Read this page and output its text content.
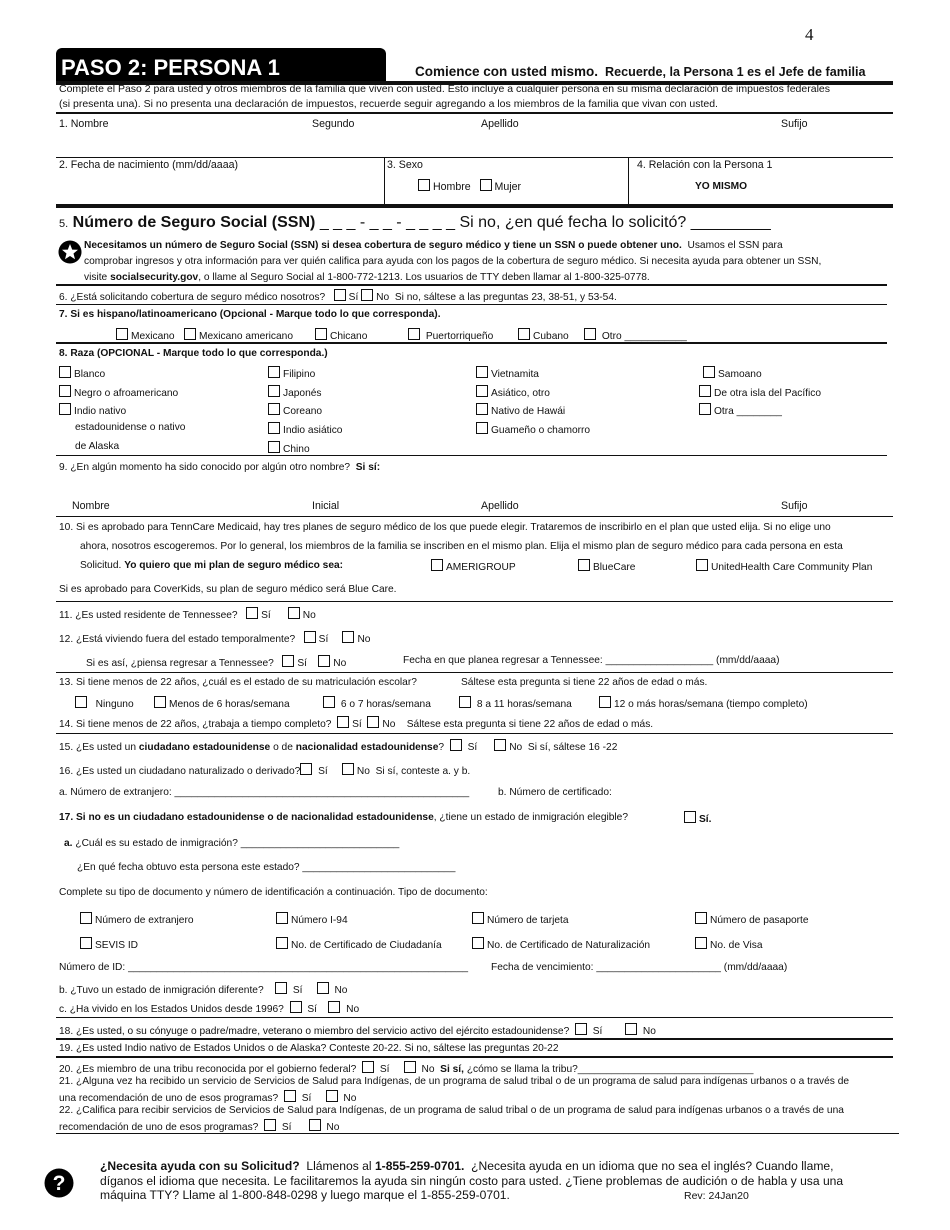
4
PASO 2: PERSONA 1	Comience con usted mismo. Recuerde, la Persona 1 es el Jefe de familia
Complete el Paso 2 para usted y otros miembros de la familia que viven con usted. Esto incluye a cualquier persona en su misma declaración de impuestos federales
(si presenta una). Si no presenta una declaración de impuestos, recuerde seguir agregando a los miembros de la familia que vivan con usted.
1. Nombre	Segundo	Apellido	Sufijo
2. Fecha de nacimiento (mm/dd/aaaa)	3. Sexo
Hombre Mujer
4. Relación con la Persona 1
YO MISMO
5. Número de Seguro Social (SSN) _ _ _ - _ _ - _ _ _ _ Si no, ¿en qué fecha lo solicitó? _________
Necesitamos un número de Seguro Social (SSN) si desea cobertura de seguro médico y tiene un SSN o puede obtener uno. Usamos el SSN para
comprobar ingresos y otra información para ver quién califica para ayuda con los pagos de la cobertura de seguro médico. Si necesita ayuda para obtener un SSN,
visite socialsecurity.gov, o llame al Seguro Social al 1-800-772-1213. Los usuarios de TTY deben llamar al 1-800-325-0778.
6. ¿Está solicitando cobertura de seguro médico nosotros? Sí No Si no, sáltese a las preguntas 23, 38-51, y 53-54.
7. Si es hispano/latinoamericano (Opcional - Marque todo lo que corresponda).
Mexicano	Mexicano americano	Chicano	Puertorriqueño	Cubano	Otro ___________
8. Raza (OPCIONAL - Marque todo lo que corresponda.)
Blanco
Negro o afroamericano
Indio nativo
estadounidense o nativo
de Alaska
Filipino
Japonés
Coreano
Indio asiático
Chino
Vietnamita
Asiático, otro
Nativo de Hawái
Guameño o chamorro
Samoano
De otra isla del Pacífico
Otra ________
9. ¿En algún momento ha sido conocido por algún otro nombre? Si sí:
Nombre	Inicial	Apellido	Sufijo
10. Si es aprobado para TennCare Medicaid, hay tres planes de seguro médico de los que puede elegir. Trataremos de inscribirlo en el plan que usted elija. Si no elige uno
ahora, nosotros escogeremos. Por lo general, los miembros de la familia se inscriben en el mismo plan. Elija el mismo plan de seguro médico para cada persona en esta
Solicitud. Yo quiero que mi plan de seguro médico sea:	AMERIGROUP	BlueCare	UnitedHealth Care Community Plan
Si es aprobado para CoverKids, su plan de seguro médico será Blue Care.
11. ¿Es usted residente de Tennessee? Sí	No
12. ¿Está viviendo fuera del estado temporalmente? Sí	No
Si es así, ¿piensa regresar a Tennessee? Sí	No	Fecha en que planea regresar a Tennessee: ___________________ (mm/dd/aaaa)
13. Si tiene menos de 22 años, ¿cuál es el estado de su matriculación escolar?	Sáltese esta pregunta si tiene 22 años de edad o más.
Ninguno	Menos de 6 horas/semana	6 o 7 horas/semana	8 a 11 horas/semana	12 o más horas/semana (tiempo completo)
14. Si tiene menos de 22 años, ¿trabaja a tiempo completo? Sí No Sáltese esta pregunta si tiene 22 años de edad o más.
15. ¿Es usted un ciudadano estadounidense o de nacionalidad estadounidense? Sí	No Si sí, sáltese 16 -22
16. ¿Es usted un ciudadano naturalizado o derivado? Sí	No Si sí, conteste a. y b.
a. Número de extranjero: ____________________________________________________	b. Número de certificado:
17. Si no es un ciudadano estadounidense o de nacionalidad estadounidense, ¿tiene un estado de inmigración elegible?	Sí.
a. ¿Cuál es su estado de inmigración? ____________________________
¿En qué fecha obtuvo esta persona este estado? ___________________________
Complete su tipo de documento y número de identificación a continuación. Tipo de documento:
Número de extranjero	Número I-94	Número de tarjeta	Número de pasaporte
SEVIS ID	No. de Certificado de Ciudadanía	No. de Certificado de Naturalización	No. de Visa
Número de ID: ____________________________________________________________ Fecha de vencimiento: ______________________ (mm/dd/aaaa)
b. ¿Tuvo un estado de inmigración diferente?	Sí	No
c. ¿Ha vivido en los Estados Unidos desde 1996? Sí	No
18. ¿Es usted, o su cónyuge o padre/madre, veterano o miembro del servicio activo del ejército estadounidense? Sí	No
19. ¿Es usted Indio nativo de Estados Unidos o de Alaska? Conteste 20-22. Si no, sáltese las preguntas 20-22
20. ¿Es miembro de una tribu reconocida por el gobierno federal? Sí	No Si sí, ¿cómo se llama la tribu?_______________________________
21. ¿Alguna vez ha recibido un servicio de Servicios de Salud para Indígenas, de un programa de salud tribal o de un programa de salud para indígenas urbanos o a través de
una recomendación de uno de esos programas? Sí	No
22. ¿Califica para recibir servicios de Servicios de Salud para Indígenas, de un programa de salud tribal o de un programa de salud para indígenas urbanos o a través de una
recomendación de uno de esos programas? Sí	No
?
¿Necesita ayuda con su Solicitud? Llámenos al 1-855-259-0701. ¿Necesita ayuda en un idioma que no sea el inglés? Cuando llame,
díganos el idioma que necesita. Le facilitaremos la ayuda sin ningún costo para usted. ¿Tiene problemas de audición o de habla y usa una
máquina TTY? Llame al 1-800-848-0298 y luego marque el 1-855-259-0701.	Rev: 24Jan20
